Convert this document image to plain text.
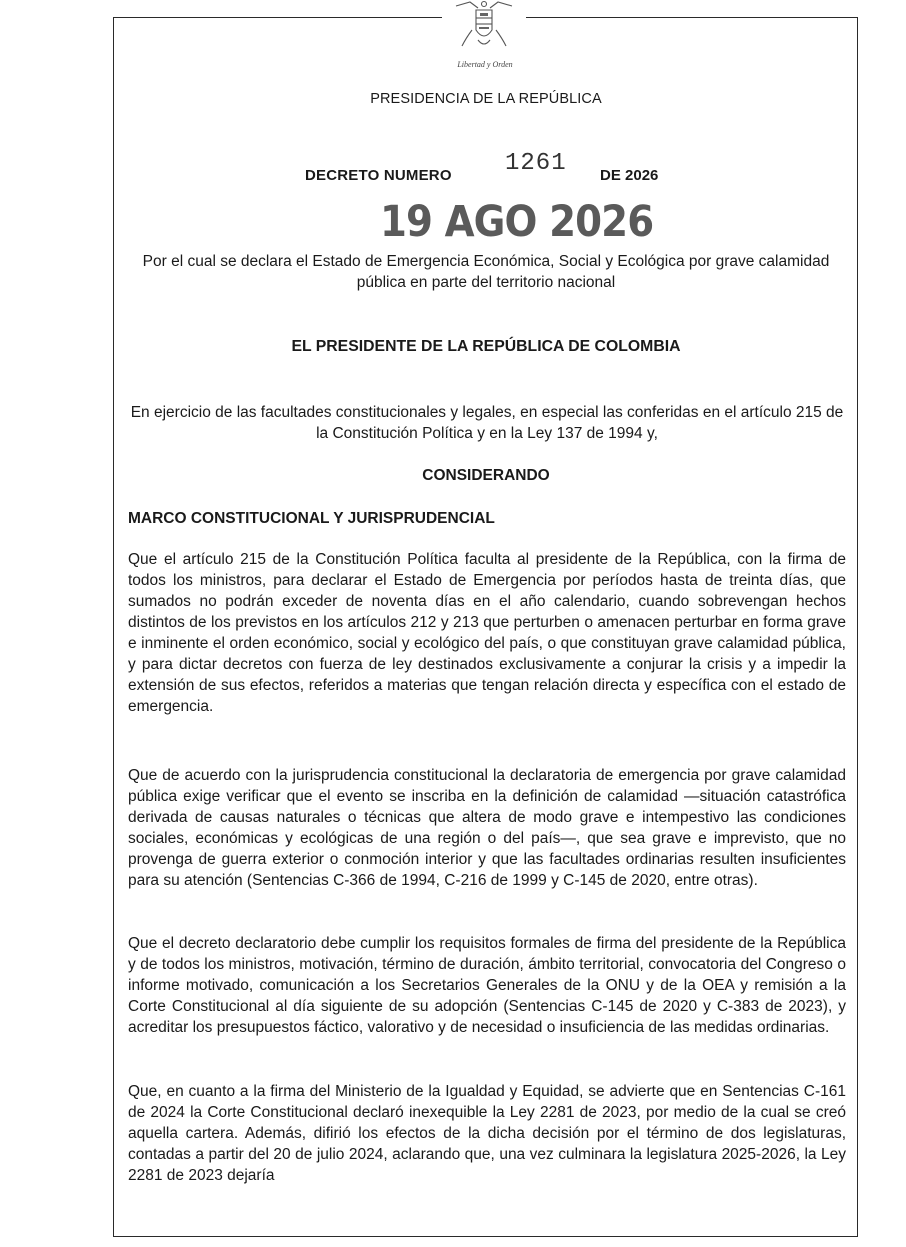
Libertad y Orden
PRESIDENCIA DE LA REPÚBLICA
DECRETO NUMERO 1261 DE 2026
19 AGO 2026
Por el cual se declara el Estado de Emergencia Económica, Social y Ecológica por grave calamidad pública en parte del territorio nacional
EL PRESIDENTE DE LA REPÚBLICA DE COLOMBIA
En ejercicio de las facultades constitucionales y legales, en especial las conferidas en el artículo 215 de la Constitución Política y en la Ley 137 de 1994 y,
CONSIDERANDO
MARCO CONSTITUCIONAL Y JURISPRUDENCIAL

Que el artículo 215 de la Constitución Política faculta al presidente de la República, con la firma de todos los ministros, para declarar el Estado de Emergencia por períodos hasta de treinta días, que sumados no podrán exceder de noventa días en el año calendario, cuando sobrevengan hechos distintos de los previstos en los artículos 212 y 213 que perturben o amenacen perturbar en forma grave e inminente el orden económico, social y ecológico del país, o que constituyan grave calamidad pública, y para dictar decretos con fuerza de ley destinados exclusivamente a conjurar la crisis y a impedir la extensión de sus efectos, referidos a materias que tengan relación directa y específica con el estado de emergencia.

Que de acuerdo con la jurisprudencia constitucional la declaratoria de emergencia por grave calamidad pública exige verificar que el evento se inscriba en la definición de calamidad —situación catastrófica derivada de causas naturales o técnicas que altera de modo grave e intempestivo las condiciones sociales, económicas y ecológicas de una región o del país—, que sea grave e imprevisto, que no provenga de guerra exterior o conmoción interior y que las facultades ordinarias resulten insuficientes para su atención (Sentencias C-366 de 1994, C-216 de 1999 y C-145 de 2020, entre otras).

Que el decreto declaratorio debe cumplir los requisitos formales de firma del presidente de la República y de todos los ministros, motivación, término de duración, ámbito territorial, convocatoria del Congreso o informe motivado, comunicación a los Secretarios Generales de la ONU y de la OEA y remisión a la Corte Constitucional al día siguiente de su adopción (Sentencias C-145 de 2020 y C-383 de 2023), y acreditar los presupuestos fáctico, valorativo y de necesidad o insuficiencia de las medidas ordinarias.

Que, en cuanto a la firma del Ministerio de la Igualdad y Equidad, se advierte que en Sentencias C-161 de 2024 la Corte Constitucional declaró inexequible la Ley 2281 de 2023, por medio de la cual se creó aquella cartera. Además, difirió los efectos de la dicha decisión por el término de dos legislaturas, contadas a partir del 20 de julio 2024, aclarando que, una vez culminara la legislatura 2025-2026, la Ley 2281 de 2023 dejaría
